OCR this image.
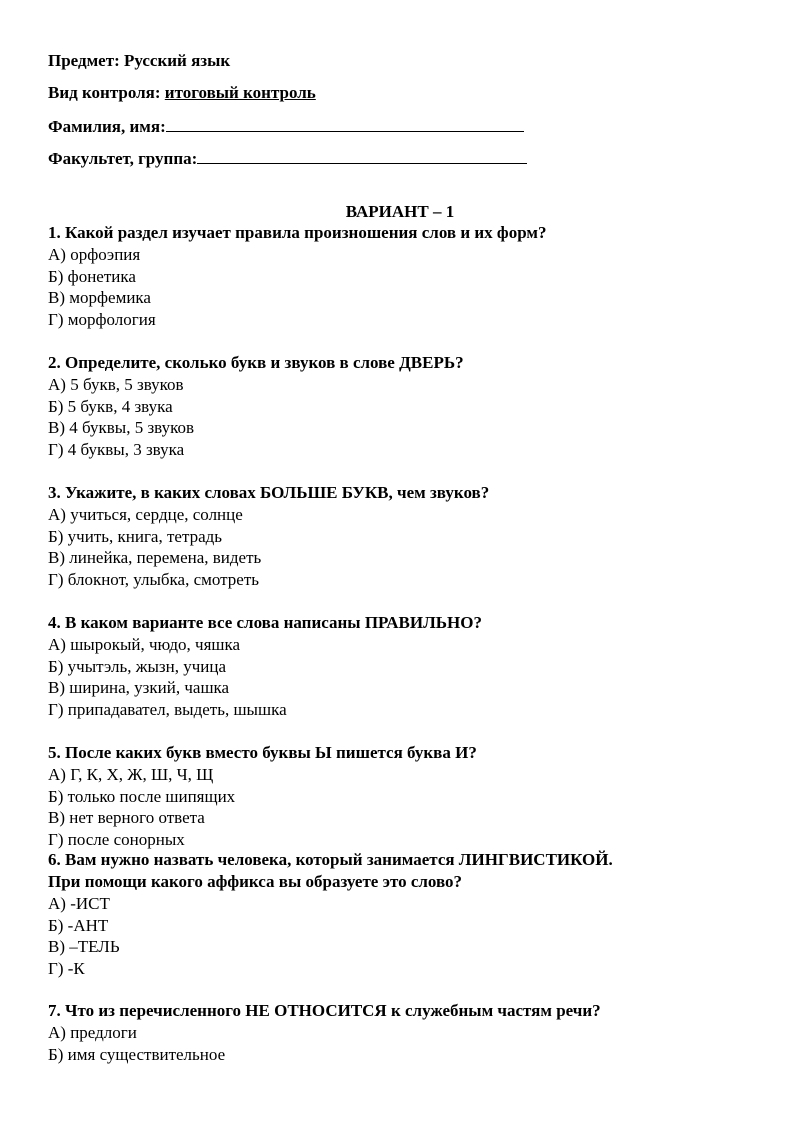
Предмет: Русский язык
Вид контроля: итоговый контроль
Фамилия, имя:
Факультет, группа:
ВАРИАНТ – 1
1. Какой раздел изучает правила произношения слов и их форм?
А) орфоэпия
Б) фонетика
В) морфемика
Г) морфология
2. Определите, сколько букв и звуков в слове ДВЕРЬ?
А) 5 букв, 5 звуков
Б) 5 букв, 4 звука
В) 4 буквы, 5 звуков
Г) 4 буквы, 3 звука
3. Укажите, в каких словах БОЛЬШЕ БУКВ, чем звуков?
А) учиться, сердце, солнце
Б) учить, книга, тетрадь
В) линейка, перемена, видеть
Г) блокнот, улыбка, смотреть
4. В каком варианте все слова написаны ПРАВИЛЬНО?
А) шырокый, чюдо, чяшка
Б) учытэль, жызн, учица
В) ширина, узкий, чашка
Г) припадавател, выдеть, шышка
5. После каких букв вместо буквы Ы пишется буква И?
А) Г, К, Х, Ж, Ш, Ч, Щ
Б) только после шипящих
В) нет верного ответа
Г) после сонорных
6. Вам нужно назвать человека, который занимается ЛИНГВИСТИКОЙ.
При помощи какого аффикса вы образуете это слово?
А) -ИСТ
Б) -АНТ
В) –ТЕЛЬ
Г) -К
7. Что из перечисленного НЕ ОТНОСИТСЯ к служебным частям речи?
А) предлоги
Б) имя существительное
